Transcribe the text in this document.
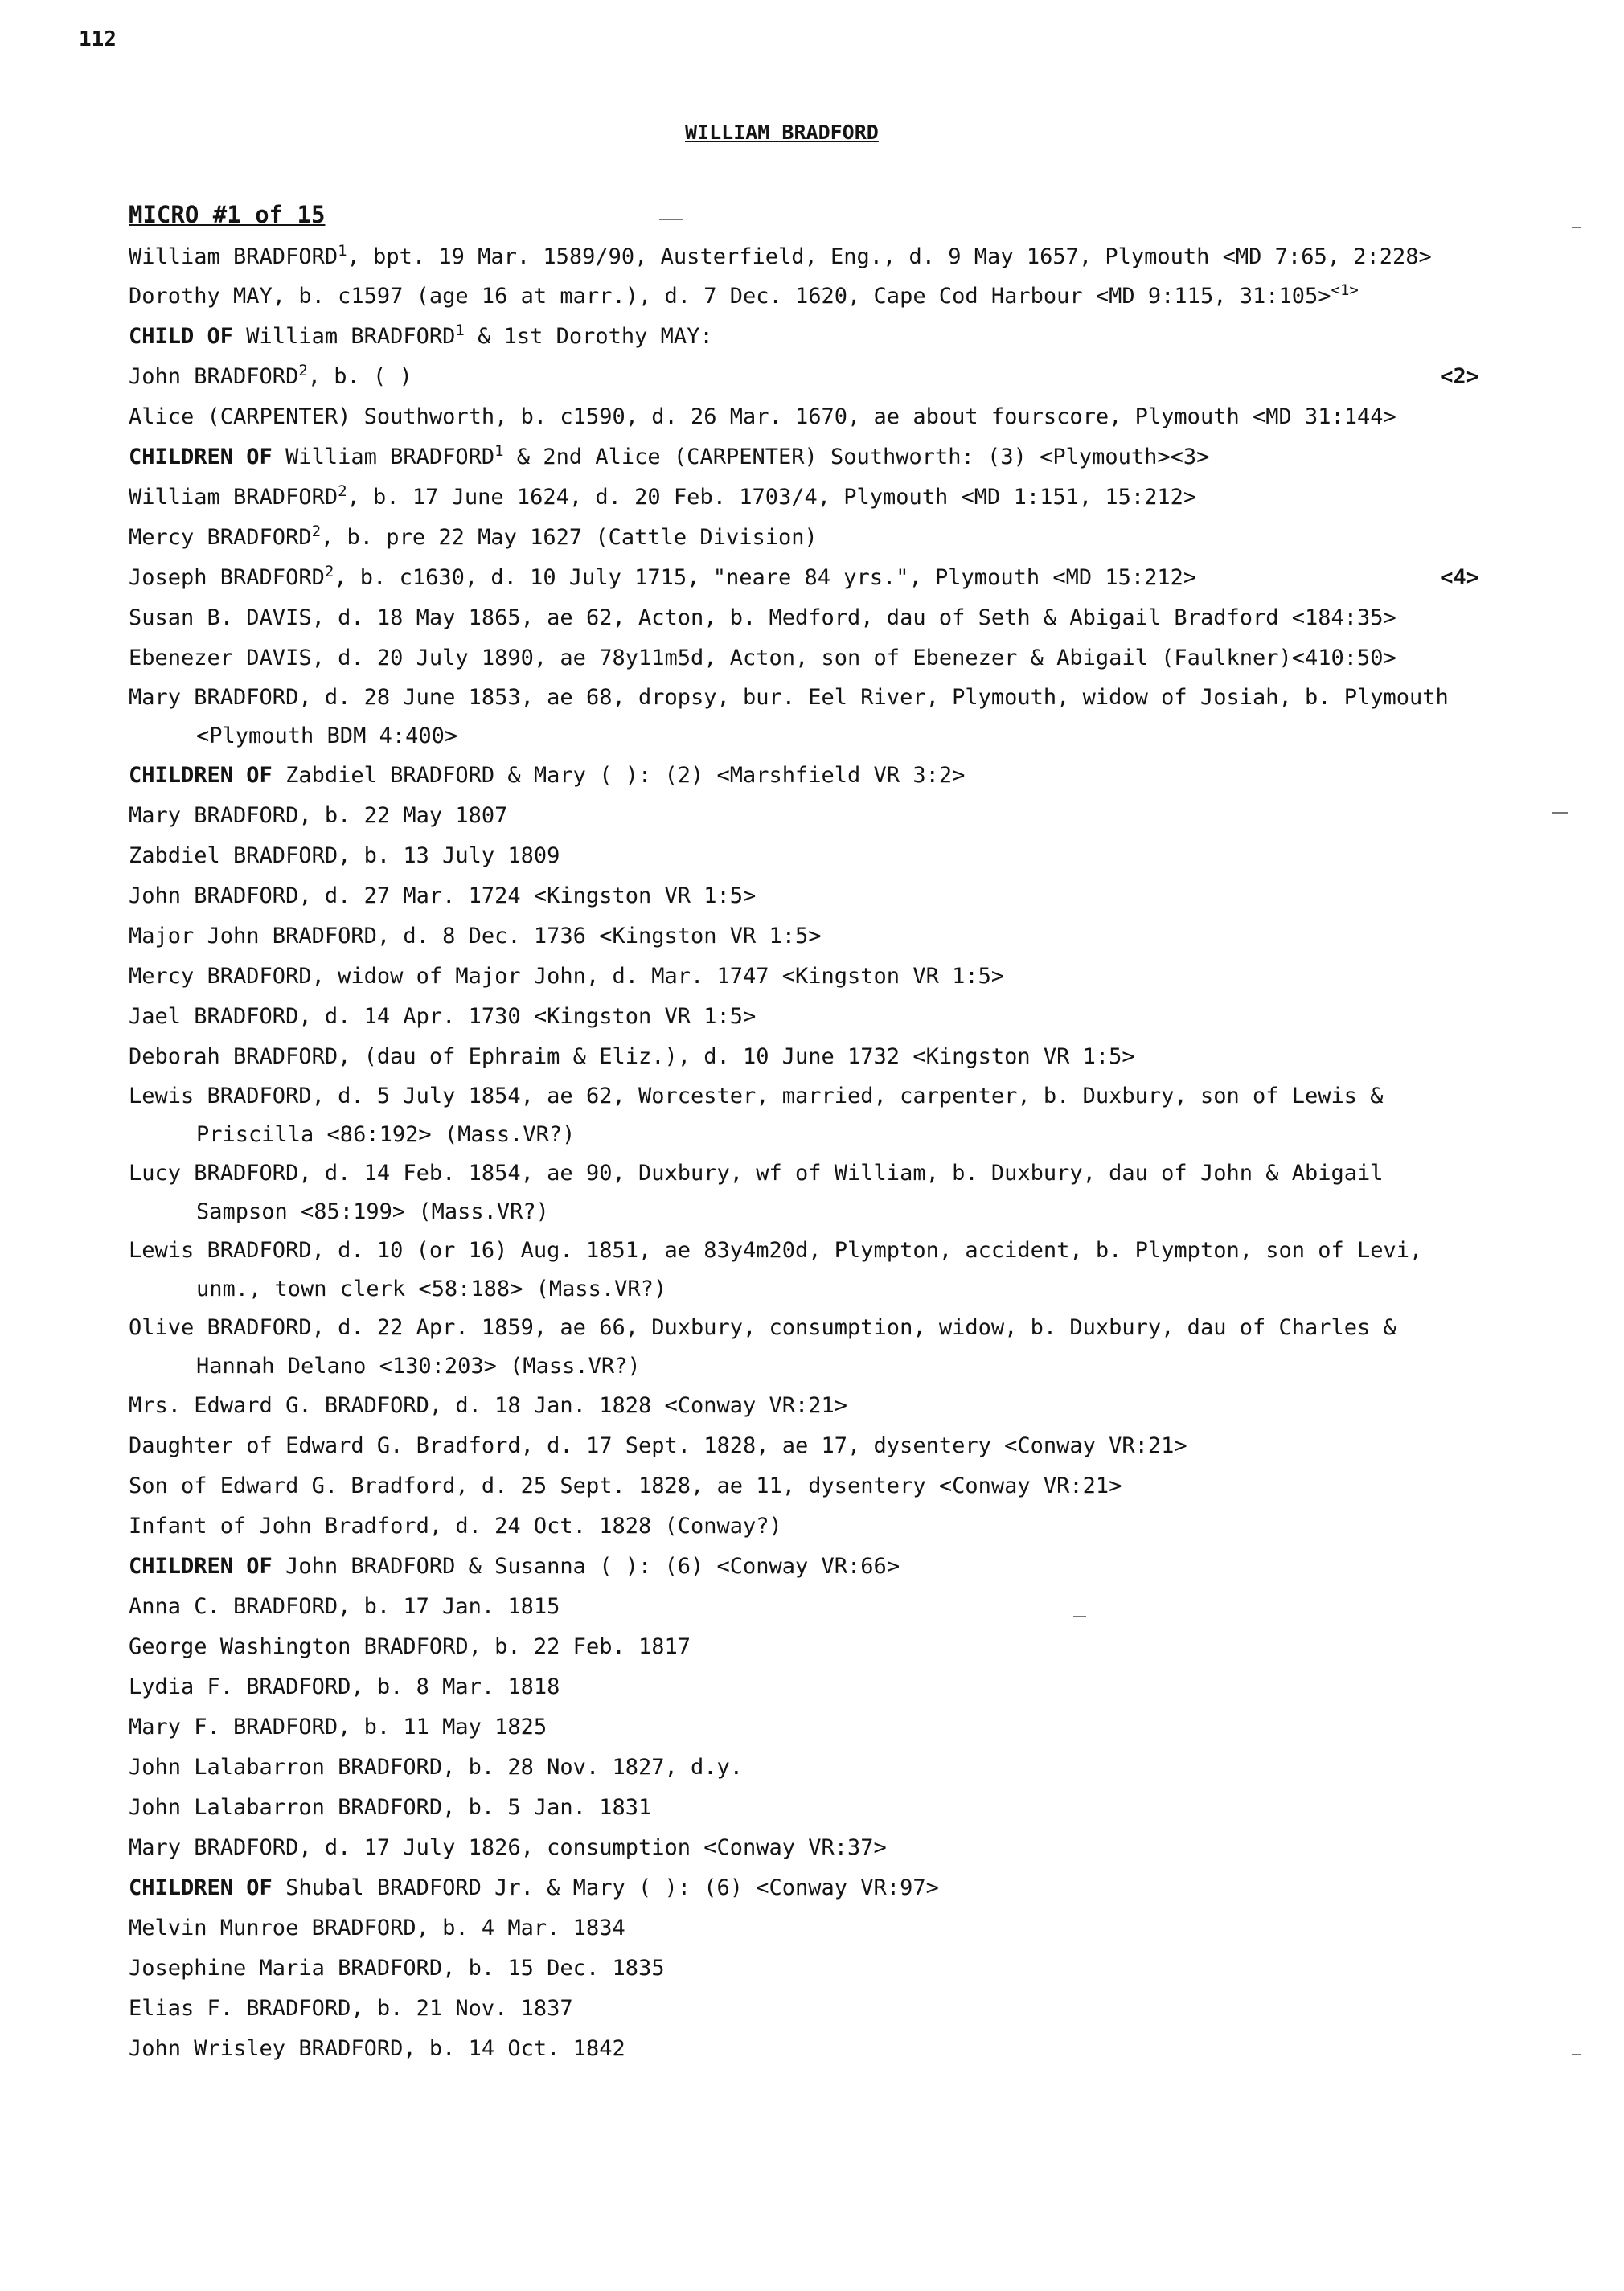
112
WILLIAM BRADFORD
MICRO #1 of 15
William BRADFORD$^1$, bpt. 19 Mar. 1589/90, Austerfield, Eng., d. 9 May 1657, Plymouth <MD 7:65, 2:228>
Dorothy MAY, b. c1597 (age 16 at marr.), d. 7 Dec. 1620, Cape Cod Harbour <MD 9:115, 31:105>$^{<1>}$
CHILD OF William BRADFORD$^1$ & 1st Dorothy MAY:
John BRADFORD$^2$, b. ( )	<2>
Alice (CARPENTER) Southworth, b. c1590, d. 26 Mar. 1670, ae about fourscore, Plymouth <MD 31:144>
CHILDREN OF William BRADFORD$^1$ & 2nd Alice (CARPENTER) Southworth: (3) <Plymouth><3>
William BRADFORD$^2$, b. 17 June 1624, d. 20 Feb. 1703/4, Plymouth <MD 1:151, 15:212>
Mercy BRADFORD$^2$, b. pre 22 May 1627 (Cattle Division)
Joseph BRADFORD$^2$, b. c1630, d. 10 July 1715, "neare 84 yrs.", Plymouth <MD 15:212>	<4>
Susan B. DAVIS, d. 18 May 1865, ae 62, Acton, b. Medford, dau of Seth & Abigail Bradford <184:35>
Ebenezer DAVIS, d. 20 July 1890, ae 78y11m5d, Acton, son of Ebenezer & Abigail (Faulkner)<410:50>
Mary BRADFORD, d. 28 June 1853, ae 68, dropsy, bur. Eel River, Plymouth, widow of Josiah, b. Plymouth <Plymouth BDM 4:400>
CHILDREN OF Zabdiel BRADFORD & Mary ( ): (2) <Marshfield VR 3:2>
Mary BRADFORD, b. 22 May 1807
Zabdiel BRADFORD, b. 13 July 1809
John BRADFORD, d. 27 Mar. 1724 <Kingston VR 1:5>
Major John BRADFORD, d. 8 Dec. 1736 <Kingston VR 1:5>
Mercy BRADFORD, widow of Major John, d. Mar. 1747 <Kingston VR 1:5>
Jael BRADFORD, d. 14 Apr. 1730 <Kingston VR 1:5>
Deborah BRADFORD, (dau of Ephraim & Eliz.), d. 10 June 1732 <Kingston VR 1:5>
Lewis BRADFORD, d. 5 July 1854, ae 62, Worcester, married, carpenter, b. Duxbury, son of Lewis & Priscilla <86:192> (Mass.VR?)
Lucy BRADFORD, d. 14 Feb. 1854, ae 90, Duxbury, wf of William, b. Duxbury, dau of John & Abigail Sampson <85:199> (Mass.VR?)
Lewis BRADFORD, d. 10 (or 16) Aug. 1851, ae 83y4m20d, Plympton, accident, b. Plympton, son of Levi, unm., town clerk <58:188> (Mass.VR?)
Olive BRADFORD, d. 22 Apr. 1859, ae 66, Duxbury, consumption, widow, b. Duxbury, dau of Charles & Hannah Delano <130:203> (Mass.VR?)
Mrs. Edward G. BRADFORD, d. 18 Jan. 1828 <Conway VR:21>
Daughter of Edward G. Bradford, d. 17 Sept. 1828, ae 17, dysentery <Conway VR:21>
Son of Edward G. Bradford, d. 25 Sept. 1828, ae 11, dysentery <Conway VR:21>
Infant of John Bradford, d. 24 Oct. 1828 (Conway?)
CHILDREN OF John BRADFORD & Susanna ( ): (6) <Conway VR:66>
Anna C. BRADFORD, b. 17 Jan. 1815
George Washington BRADFORD, b. 22 Feb. 1817
Lydia F. BRADFORD, b. 8 Mar. 1818
Mary F. BRADFORD, b. 11 May 1825
John Lalabarron BRADFORD, b. 28 Nov. 1827, d.y.
John Lalabarron BRADFORD, b. 5 Jan. 1831
Mary BRADFORD, d. 17 July 1826, consumption <Conway VR:37>
CHILDREN OF Shubal BRADFORD Jr. & Mary ( ): (6) <Conway VR:97>
Melvin Munroe BRADFORD, b. 4 Mar. 1834
Josephine Maria BRADFORD, b. 15 Dec. 1835
Elias F. BRADFORD, b. 21 Nov. 1837
John Wrisley BRADFORD, b. 14 Oct. 1842
